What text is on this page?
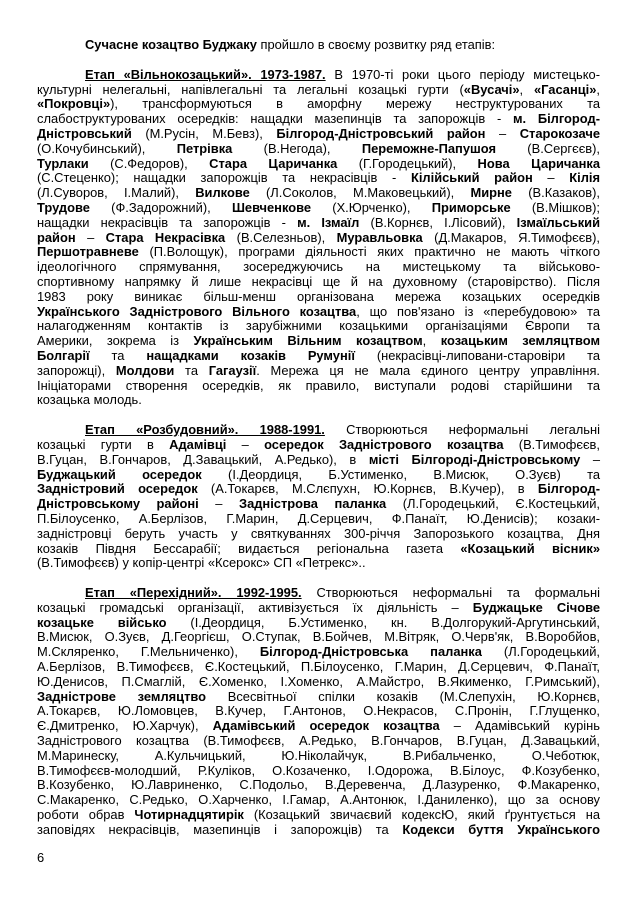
Сучасне козацтво Буджаку пройшло в своєму розвитку ряд етапів:
Етап «Вільнокозацький». 1973-1987. В 1970-ті роки цього періоду мистецько-
культурні нелегальні, напівлегальні та легальні козацькі гурти («Вусачі», «Гасанці»,
«Покровці»), трансформуються в аморфну мережу неструктурованих та
слабоструктурованих осередків: нащадки мазепинців та запорожців - м. Білгород-
Дністровський (М.Русін, М.Бевз), Білгород-Дністровський район – Старокозаче
(О.Кочубинський), Петрівка (В.Негода), Переможне-Папушоя (В.Сергєєв),
Турлаки (С.Федоров), Стара Царичанка (Г.Городецький), Нова Царичанка
(С.Стеценко); нащадки запорожців та некрасівців - Кілійський район – Кілія
(Л.Суворов, І.Малий), Вилкове (Л.Соколов, М.Маковецький), Мирне (В.Казаков),
Трудове (Ф.Задорожний), Шевченкове (Х.Юрченко), Приморське (В.Мішков);
нащадки некрасівців та запорожців - м. Ізмаїл (В.Корнєв, І.Лісовий), Ізмаїльський
район – Стара Некрасівка (В.Селезньов), Муравльовка (Д.Макаров, Я.Тимофєєв),
Першотравневе (П.Волощук), програми діяльності яких практично не мають чіткого
ідеологічного спрямування, зосереджуючись на мистецькому та військово-
спортивному напрямку й лише некрасівці ще й на духовному (старовірство). Після
1983 року виникає більш-менш організована мережа козацьких осередків
Українського Задністрового Вільного козацтва, що пов'язано із «перебудовою» та
налагодженням контактів із зарубіжними козацькими організаціями Європи та
Америки, зокрема із Українським Вільним козацтвом, козацьким земляцтвом
Болгарії та нащадками козаків Румунії (некрасівці-липовани-старовіри та
запорожці), Молдови та Гагаузії. Мережа ця не мала єдиного центру управління.
Ініціаторами створення осередків, як правило, виступали родові старійшини та
козацька молодь.
Етап «Розбудовний». 1988-1991. Створюються неформальні легальні
козацькі гурти в Адамівці – осередок Задністрового козацтва (В.Тимофєєв,
В.Гуцан, В.Гончаров, Д.Завацький, А.Редько), в місті Білгороді-Дністровському –
Буджацький осередок (І.Деордиця, Б.Устименко, В.Мисюк, О.Зуєв) та
Задністровий осередок (А.Токарєв, М.Слєпухн, Ю.Корнєв, В.Кучер), в Білгород-
Дністровському районі – Задністрова паланка (Л.Городецький, Є.Костецький,
П.Білоусенко, А.Берлізов, Г.Марин, Д.Серцевич, Ф.Панаїт, Ю.Денисів); козаки-
задністровці беруть участь у святкуваннях 300-річчя Запорозького козацтва, Дня
козаків Півдня Бессарабії; видається регіональна газета «Козацький вісник»
(В.Тимофєєв) у копір-центрі «Ксерокс» СП «Петрекс»..
Етап «Перехідний». 1992-1995. Створюються неформальні та формальні
козацькі громадські організації, активізується їх діяльність – Буджацьке Січове
козацьке військо (І.Деордиця, Б.Устименко, кн. В.Долгорукий-Аргутинський,
В.Мисюк, О.Зуєв, Д.Георгієш, О.Ступак, В.Бойчев, М.Вітряк, О.Черв'як, В.Воробйов,
М.Скляренко, Г.Мельниченко), Білгород-Дністровська паланка (Л.Городецький,
А.Берлізов, В.Тимофєєв, Є.Костецький, П.Білоусенко, Г.Марин, Д.Серцевич, Ф.Панаїт,
Ю.Денисов, П.Смаглій, Є.Хоменко, І.Хоменко, А.Майстро, В.Якименко, Г.Римський),
Задністрове земляцтво Всесвітньої спілки козаків (М.Слепухін, Ю.Корнєв,
А.Токарєв, Ю.Ломовцев, В.Кучер, Г.Антонов, О.Некрасов, С.Пронін, Г.Глущенко,
Є.Дмитренко, Ю.Харчук), Адамівський осередок козацтва – Адамівський курінь
Задністрового козацтва (В.Тимофєєв, А.Редько, В.Гончаров, В.Гуцан, Д.Завацький,
М.Маринеску, А.Кульчицький, Ю.Ніколайчук, В.Рибальченко, О.Чеботюк,
В.Тимофєєв-молодший, Р.Куліков, О.Козаченко, І.Одорожа, В.Білоус, Ф.Козубенко,
В.Козубенко, Ю.Лавриненко, С.Подольо, В.Деревенча, Д.Лазуренко, Ф.Макаренко,
С.Макаренко, С.Редько, О.Харченко, І.Гамар, А.Антонюк, І.Даниленко), що за основу
роботи обрав Чотирнадцятирік (Козацький звичаєвий кодексЮ, який ґрунтується на
заповідях некрасівців, мазепинців і запорожців) та Кодекси буття Українського
6
